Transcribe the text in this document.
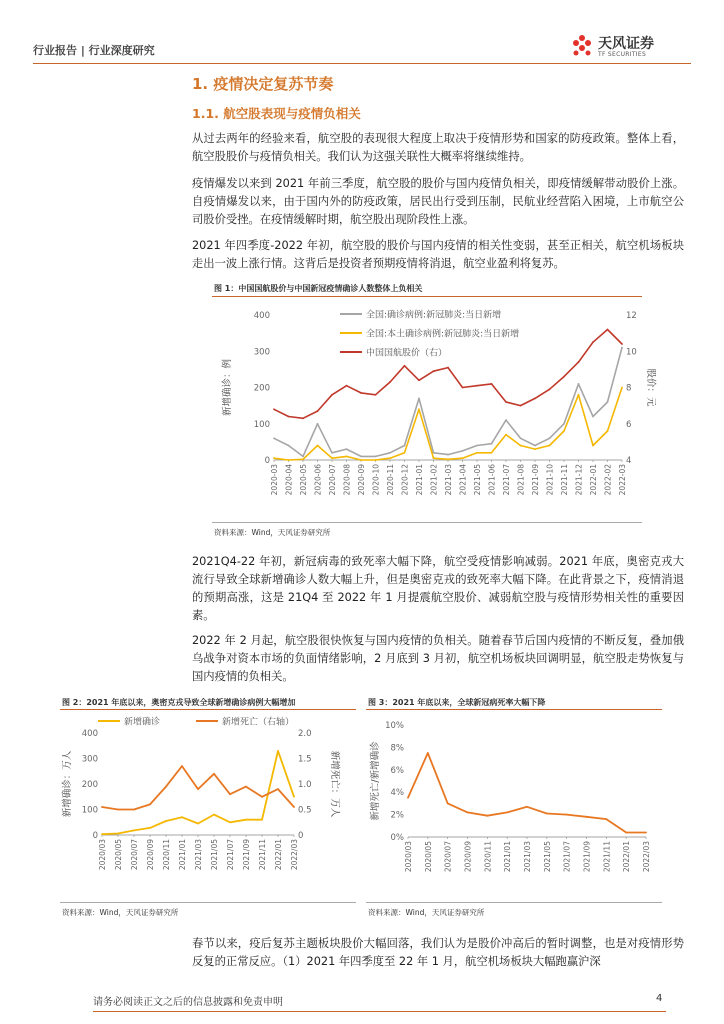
行业报告 | 行业深度研究	天风证券
TF SECURITIES
1. 疫情决定复苏节奏
1.1. 航空股表现与疫情负相关

从过去两年的经验来看，航空股的表现很大程度上取决于疫情形势和国家的防疫政策。整体上看，航空股股价与疫情负相关。我们认为这强关联性大概率将继续维持。

疫情爆发以来到 2021 年前三季度，航空股的股价与国内疫情负相关，即疫情缓解带动股价上涨。自疫情爆发以来，由于国内外的防疫政策，居民出行受到压制，民航业经营陷入困境，上市航空公司股价受挫。在疫情缓解时期，航空股出现阶段性上涨。

2021 年四季度-2022 年初，航空股的股价与国内疫情的相关性变弱，甚至正相关，航空机场板块走出一波上涨行情。这背后是投资者预期疫情将消退，航空业盈利将复苏。

图 1：中国国航股价与中国新冠疫情确诊人数整体上负相关
0
100
200
300
400
4
6
8
10
12
2020-03 2020-04 2020-05 2020-06 2020-07 2020-08 2020-09 2020-10 2020-11 2020-12 2021-01 2021-02 2021-03 2021-04 2021-05 2021-06 2021-07 2021-08 2021-09 2021-10 2021-11 2021-12 2022-01 2022-02 2022-03
新增确诊：例	股价：元
全国:确诊病例:新冠肺炎:当日新增
全国:本土确诊病例:新冠肺炎:当日新增
中国国航股价（右）
资料来源：Wind，天风证券研究所

2021Q4-22 年初，新冠病毒的致死率大幅下降，航空受疫情影响减弱。2021 年底，奥密克戎大流行导致全球新增确诊人数大幅上升，但是奥密克戎的致死率大幅下降。在此背景之下，疫情消退的预期高涨，这是 21Q4 至 2022 年 1 月提震航空股价、减弱航空股与疫情形势相关性的重要因素。

2022 年 2 月起，航空股很快恢复与国内疫情的负相关。随着春节后国内疫情的不断反复，叠加俄乌战争对资本市场的负面情绪影响，2 月底到 3 月初，航空机场板块回调明显，航空股走势恢复与国内疫情的负相关。

图 2：2021 年底以来，奥密克戎导致全球新增确诊病例大幅增加
0
100
200
300
400
0
0.5
1.0
1.5
2.0
2020/03 2020/05 2020/07 2020/09 2020/11 2021/01 2021/03 2021/05 2021/07 2021/09 2021/11 2022/01 2022/03
新增确诊：万人	新增死亡：万人
新增确诊	新增死亡（右轴）
资料来源：Wind，天风证券研究所
图 3：2021 年底以来，全球新冠病死率大幅下降
0%
2%
4%
6%
8%
10%
2020/03 2020/05 2020/07 2020/09 2020/11 2021/01 2021/03 2021/05 2021/07 2021/09 2021/11 2022/01 2022/03
新增死亡/新增确诊
资料来源：Wind，天风证券研究所

春节以来，疫后复苏主题板块股价大幅回落，我们认为是股价冲高后的暂时调整，也是对疫情形势反复的正常反应。（1）2021 年四季度至 22 年 1 月，航空机场板块大幅跑赢沪深

请务必阅读正文之后的信息披露和免责申明	4
